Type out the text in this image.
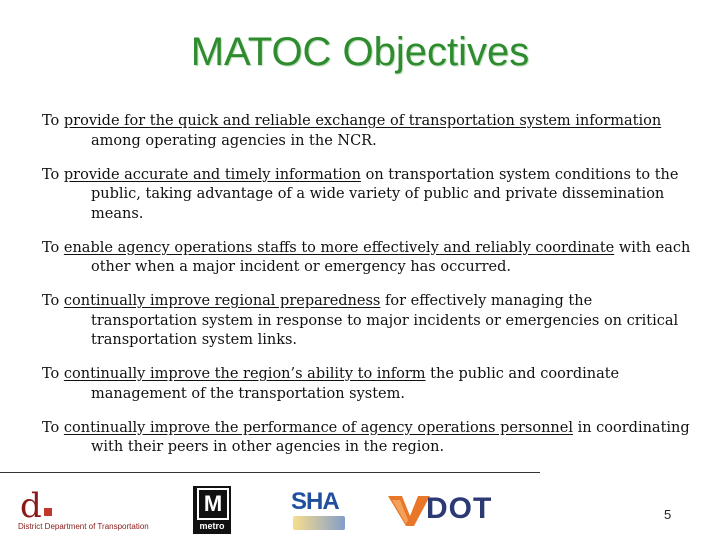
MATOC Objectives

To provide for the quick and reliable exchange of transportation system information among operating agencies in the NCR.

To provide accurate and timely information on transportation system conditions to the public, taking advantage of a wide variety of public and private dissemination means.

To enable agency operations staffs to more effectively and reliably coordinate with each other when a major incident or emergency has occurred.

To continually improve regional preparedness for effectively managing the transportation system in response to major incidents or emergencies on critical transportation system links.

To continually improve the region’s ability to inform the public and coordinate management of the transportation system.

To continually improve the performance of agency operations personnel in coordinating with their peers in other agencies in the region.

d
District Department of Transportation
M
metro
SHA	DOT	5
